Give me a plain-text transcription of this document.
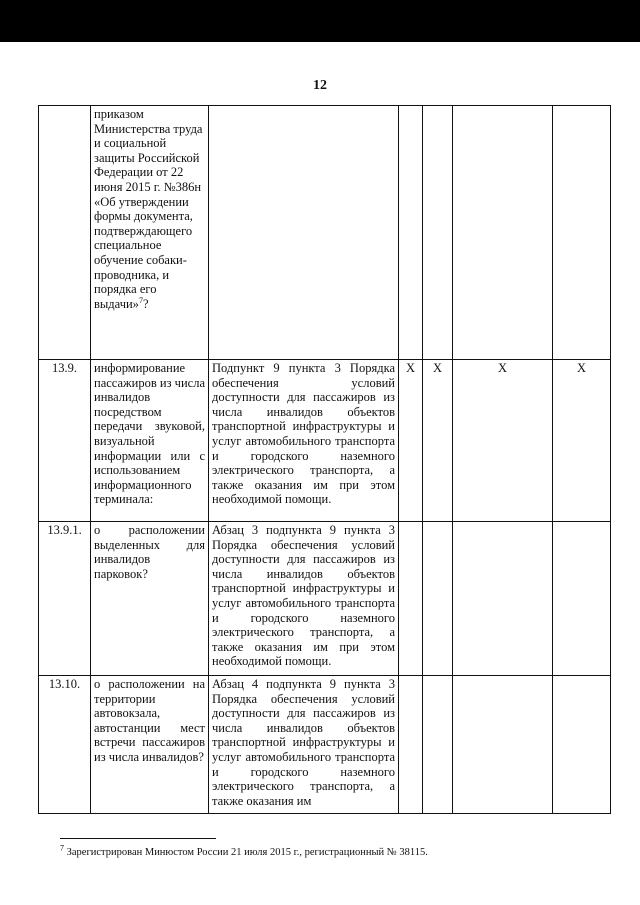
12
	приказом Министерства труда и социальной защиты Российской Федерации от 22 июня 2015 г. №386н «Об утверждении формы документа, подтверждающего специальное обучение собаки-проводника, и порядка его выдачи»$^7$?					
13.9.	информирование пассажиров из числа инвалидов посредством передачи звуковой, визуальной информации или с использованием информационного терминала:	Подпункт 9 пункта 3 Порядка обеспечения условий доступности для пассажиров из числа инвалидов объектов транспортной инфраструктуры и услуг автомобильного транспорта и городского наземного электрического транспорта, а также оказания им при этом необходимой помощи.	X	X	X	X
13.9.1.	о расположении выделенных для инвалидов парковок?	Абзац 3 подпункта 9 пункта 3 Порядка обеспечения условий доступности для пассажиров из числа инвалидов объектов транспортной инфраструктуры и услуг автомобильного транспорта и городского наземного электрического транспорта, а также оказания им при этом необходимой помощи.				

13.10.	о расположении на территории автовокзала, автостанции мест встречи пассажиров из числа инвалидов?	Абзац 4 подпункта 9 пункта 3 Порядка обеспечения условий доступности для пассажиров из числа инвалидов объектов транспортной инфраструктуры и услуг автомобильного транспорта и городского наземного электрического транспорта, а также оказания им				

$^7$ Зарегистрирован Минюстом России 21 июля 2015 г., регистрационный № 38115.
